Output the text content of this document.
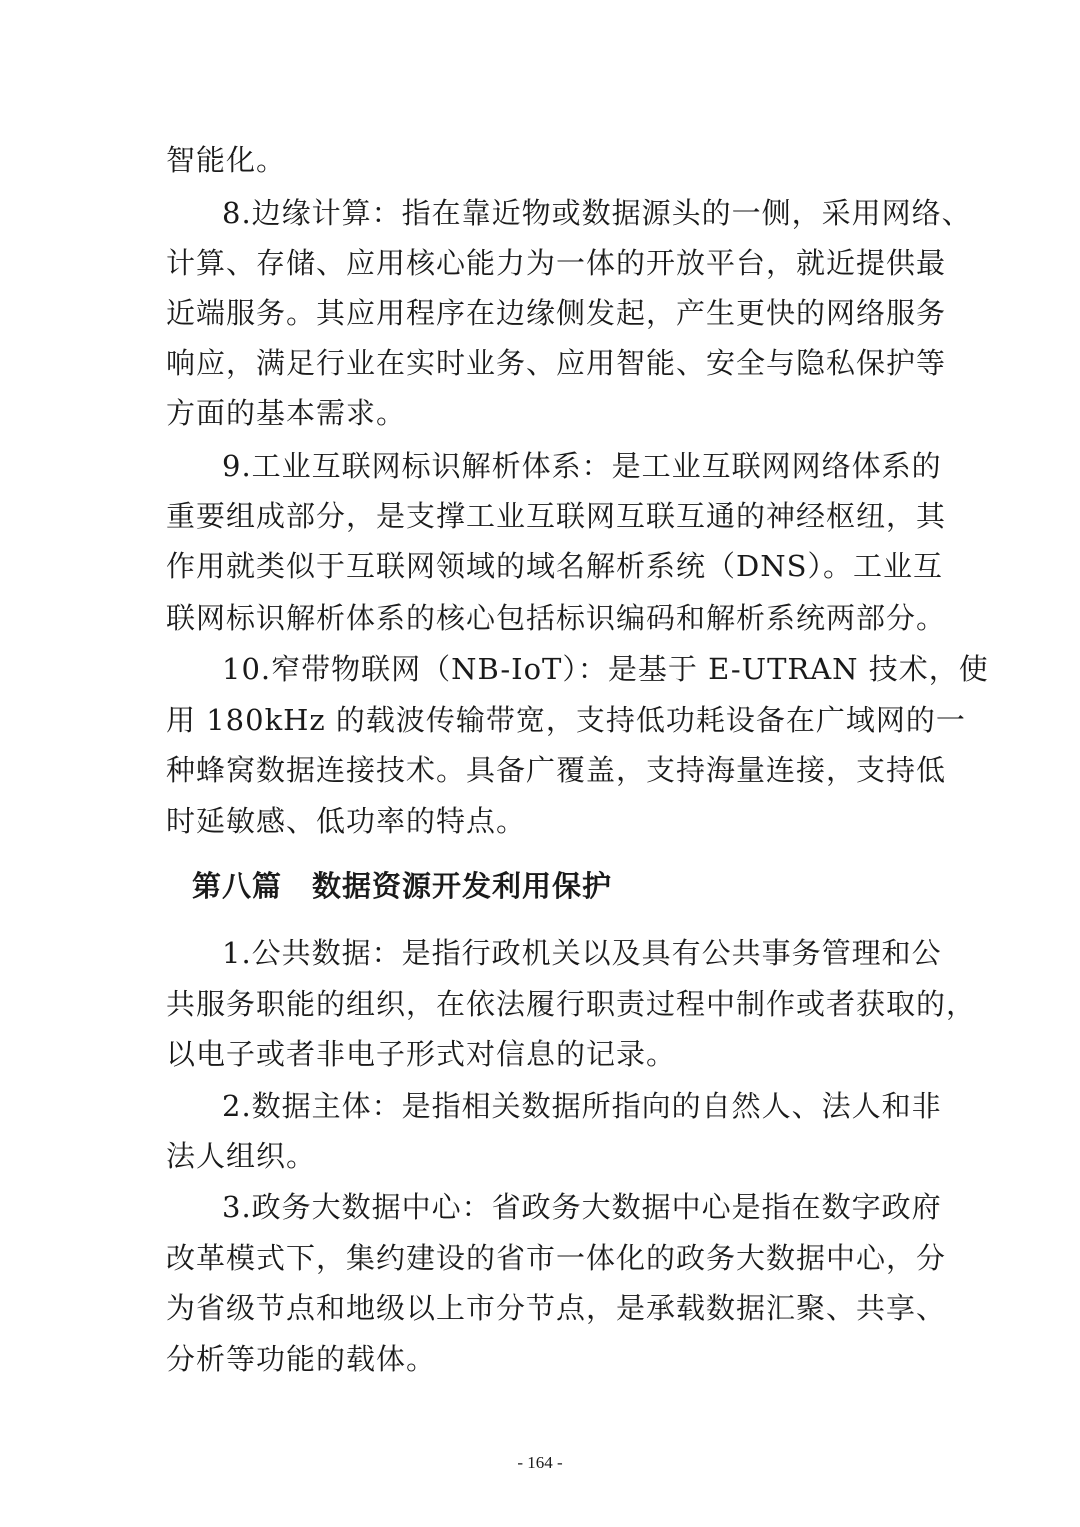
智能化。
8.边缘计算：指在靠近物或数据源头的一侧，采用网络、
计算、存储、应用核心能力为一体的开放平台，就近提供最
近端服务。其应用程序在边缘侧发起，产生更快的网络服务
响应，满足行业在实时业务、应用智能、安全与隐私保护等
方面的基本需求。
9.工业互联网标识解析体系：是工业互联网网络体系的
重要组成部分，是支撑工业互联网互联互通的神经枢纽，其
作用就类似于互联网领域的域名解析系统（DNS）。工业互
联网标识解析体系的核心包括标识编码和解析系统两部分。
10.窄带物联网（NB-IoT）：是基于 E-UTRAN 技术，使
用 180kHz 的载波传输带宽，支持低功耗设备在广域网的一
种蜂窝数据连接技术。具备广覆盖，支持海量连接，支持低
时延敏感、低功率的特点。
第八篇 数据资源开发利用保护
1.公共数据：是指行政机关以及具有公共事务管理和公
共服务职能的组织，在依法履行职责过程中制作或者获取的，
以电子或者非电子形式对信息的记录。
2.数据主体：是指相关数据所指向的自然人、法人和非
法人组织。
3.政务大数据中心：省政务大数据中心是指在数字政府
改革模式下，集约建设的省市一体化的政务大数据中心，分
为省级节点和地级以上市分节点，是承载数据汇聚、共享、
分析等功能的载体。
- 164 -
